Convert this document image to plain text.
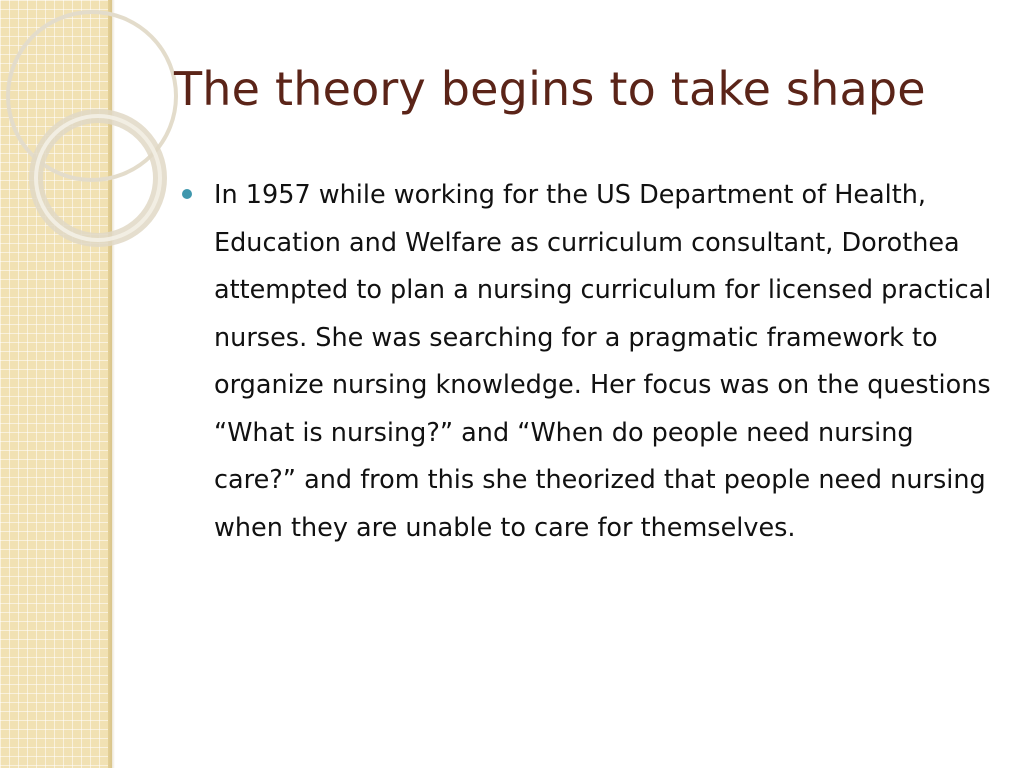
The theory begins to take shape

In 1957 while working for the US Department of Health, Education and Welfare as curriculum consultant, Dorothea attempted to plan a nursing curriculum for licensed practical nurses. She was searching for a pragmatic framework to organize nursing knowledge. Her focus was on the questions “What is nursing?” and “When do people need nursing care?” and from this she theorized that people need nursing when they are unable to care for themselves.
